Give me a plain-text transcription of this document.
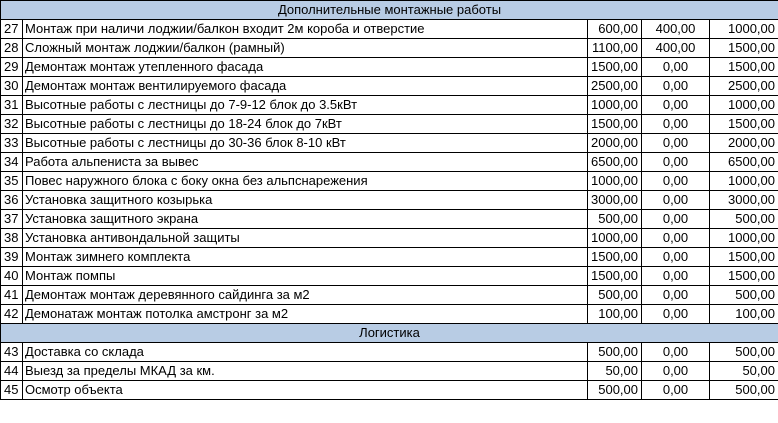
Дополнительные монтажные работы				
27	Монтаж при наличи лоджии/балкон входит 2м короба и отверстие	600,00	400,00	1000,00
28	Сложный монтаж лоджии/балкон (рамный)	1100,00	400,00	1500,00
29	Демонтаж монтаж утепленного фасада	1500,00	0,00	1500,00
30	Демонтаж монтаж вентилируемого фасада	2500,00	0,00	2500,00
31	Высотные работы с лестницы до 7-9-12 блок до 3.5кВт	1000,00	0,00	1000,00
32	Высотные работы с лестницы до 18-24 блок до 7кВт	1500,00	0,00	1500,00
33	Высотные работы с лестницы до 30-36 блок 8-10 кВт	2000,00	0,00	2000,00
34	Работа альпениста за вывес	6500,00	0,00	6500,00
35	Повес наружного блока с боку окна без альпснарежения	1000,00	0,00	1000,00
36	Установка защитного козырька	3000,00	0,00	3000,00
37	Установка защитного экрана	500,00	0,00	500,00
38	Установка антивондальной защиты	1000,00	0,00	1000,00
39	Монтаж зимнего комплекта	1500,00	0,00	1500,00
40	Монтаж помпы	1500,00	0,00	1500,00
41	Демонтаж монтаж деревянного сайдинга за м2	500,00	0,00	500,00
42	Демонатаж монтаж потолка амстронг за м2	100,00	0,00	100,00
Логистика				
43	Доставка со склада	500,00	0,00	500,00
44	Выезд за пределы МКАД за км.	50,00	0,00	50,00
45	Осмотр объекта	500,00	0,00	500,00
